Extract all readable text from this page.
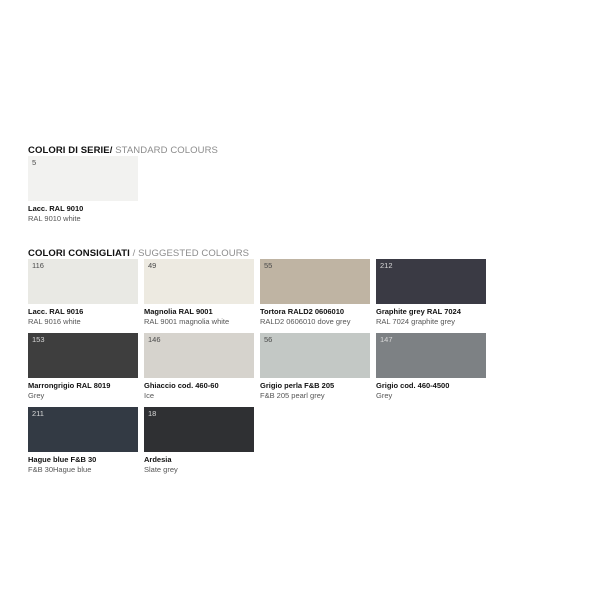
COLORI DI SERIE/ STANDARD COLOURS
5
Lacc. RAL 9010
RAL 9010 white
COLORI CONSIGLIATI / SUGGESTED COLOURS
116
Lacc. RAL 9016
RAL 9016 white
49
Magnolia RAL 9001
RAL 9001 magnolia white
55
Tortora RALD2 0606010
RALD2 0606010 dove grey
212
Graphite grey RAL 7024
RAL 7024 graphite grey
153
Marrongrigio RAL 8019
Grey
146
Ghiaccio cod. 460-60
Ice
56
Grigio perla F&B 205
F&B 205 pearl grey
147
Grigio cod. 460-4500
Grey
211
Hague blue F&B 30
F&B 30Hague blue
18
Ardesia
Slate grey
